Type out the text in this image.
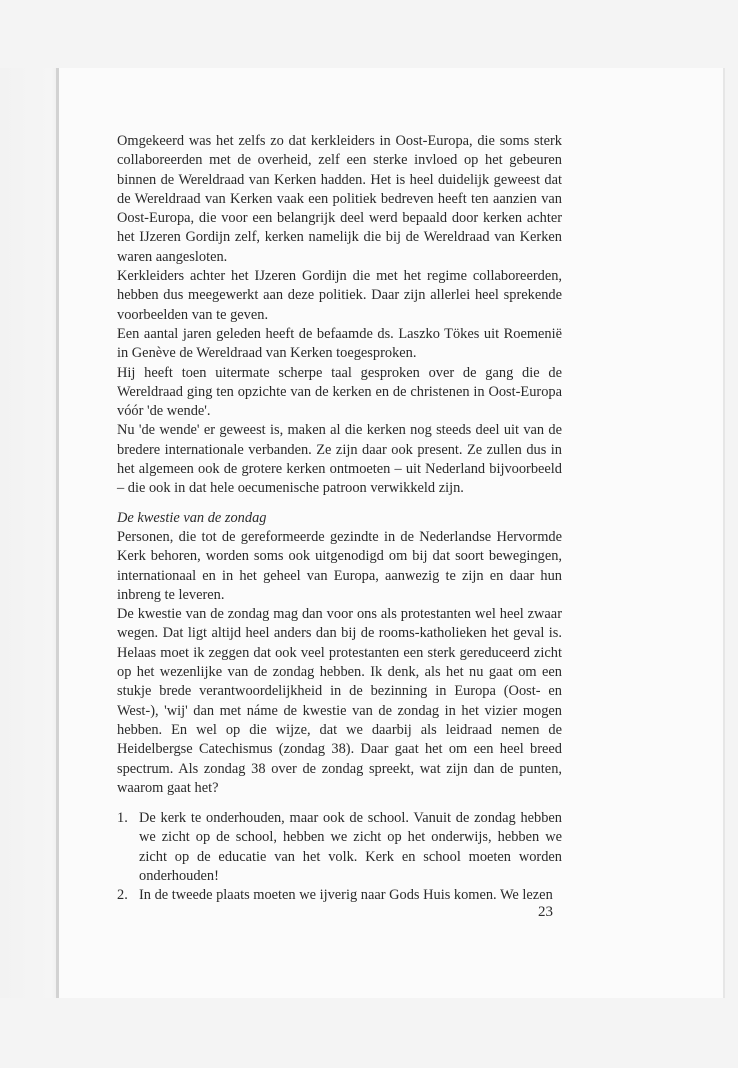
Omgekeerd was het zelfs zo dat kerkleiders in Oost-Europa, die soms sterk collaboreerden met de overheid, zelf een sterke invloed op het gebeuren binnen de Wereldraad van Kerken hadden. Het is heel duidelijk geweest dat de Wereldraad van Kerken vaak een politiek bedreven heeft ten aanzien van Oost-Europa, die voor een belangrijk deel werd bepaald door kerken achter het IJzeren Gordijn zelf, kerken namelijk die bij de Wereldraad van Kerken waren aangesloten.

Kerkleiders achter het IJzeren Gordijn die met het regime collaboreerden, hebben dus meegewerkt aan deze politiek. Daar zijn allerlei heel sprekende voorbeelden van te geven.

Een aantal jaren geleden heeft de befaamde ds. Laszko Tökes uit Roemenië in Genève de Wereldraad van Kerken toegesproken.

Hij heeft toen uitermate scherpe taal gesproken over de gang die de Wereldraad ging ten opzichte van de kerken en de christenen in Oost-Europa vóór 'de wende'.

Nu 'de wende' er geweest is, maken al die kerken nog steeds deel uit van de bredere internationale verbanden. Ze zijn daar ook present. Ze zullen dus in het algemeen ook de grotere kerken ontmoeten – uit Nederland bijvoorbeeld – die ook in dat hele oecumenische patroon verwikkeld zijn.

De kwestie van de zondag

Personen, die tot de gereformeerde gezindte in de Nederlandse Hervormde Kerk behoren, worden soms ook uitgenodigd om bij dat soort bewegingen, internationaal en in het geheel van Europa, aanwezig te zijn en daar hun inbreng te leveren.

De kwestie van de zondag mag dan voor ons als protestanten wel heel zwaar wegen. Dat ligt altijd heel anders dan bij de rooms-katholieken het geval is. Helaas moet ik zeggen dat ook veel protestanten een sterk gereduceerd zicht op het wezenlijke van de zondag hebben. Ik denk, als het nu gaat om een stukje brede verantwoordelijkheid in de bezinning in Europa (Oost- en West-), 'wij' dan met náme de kwestie van de zondag in het vizier mogen hebben. En wel op die wijze, dat we daarbij als leidraad nemen de Heidelbergse Catechismus (zondag 38). Daar gaat het om een heel breed spectrum. Als zondag 38 over de zondag spreekt, wat zijn dan de punten, waarom gaat het?

1. De kerk te onderhouden, maar ook de school. Vanuit de zondag hebben we zicht op de school, hebben we zicht op het onderwijs, hebben we zicht op de educatie van het volk. Kerk en school moeten worden onderhouden!
2. In de tweede plaats moeten we ijverig naar Gods Huis komen. We lezen
23
